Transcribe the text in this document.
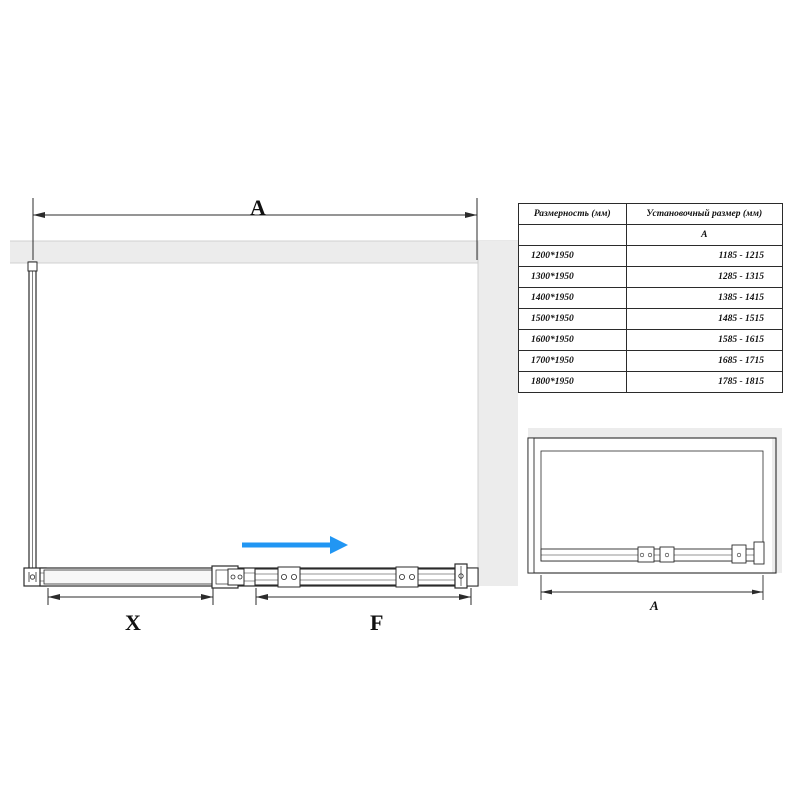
A
X	F
Размерность (мм)	Установочный размер (мм)
	A
1200*1950	1185 - 1215
1300*1950	1285 - 1315
1400*1950	1385 - 1415
1500*1950	1485 - 1515
1600*1950	1585 - 1615
1700*1950	1685 - 1715
1800*1950	1785 - 1815
A
